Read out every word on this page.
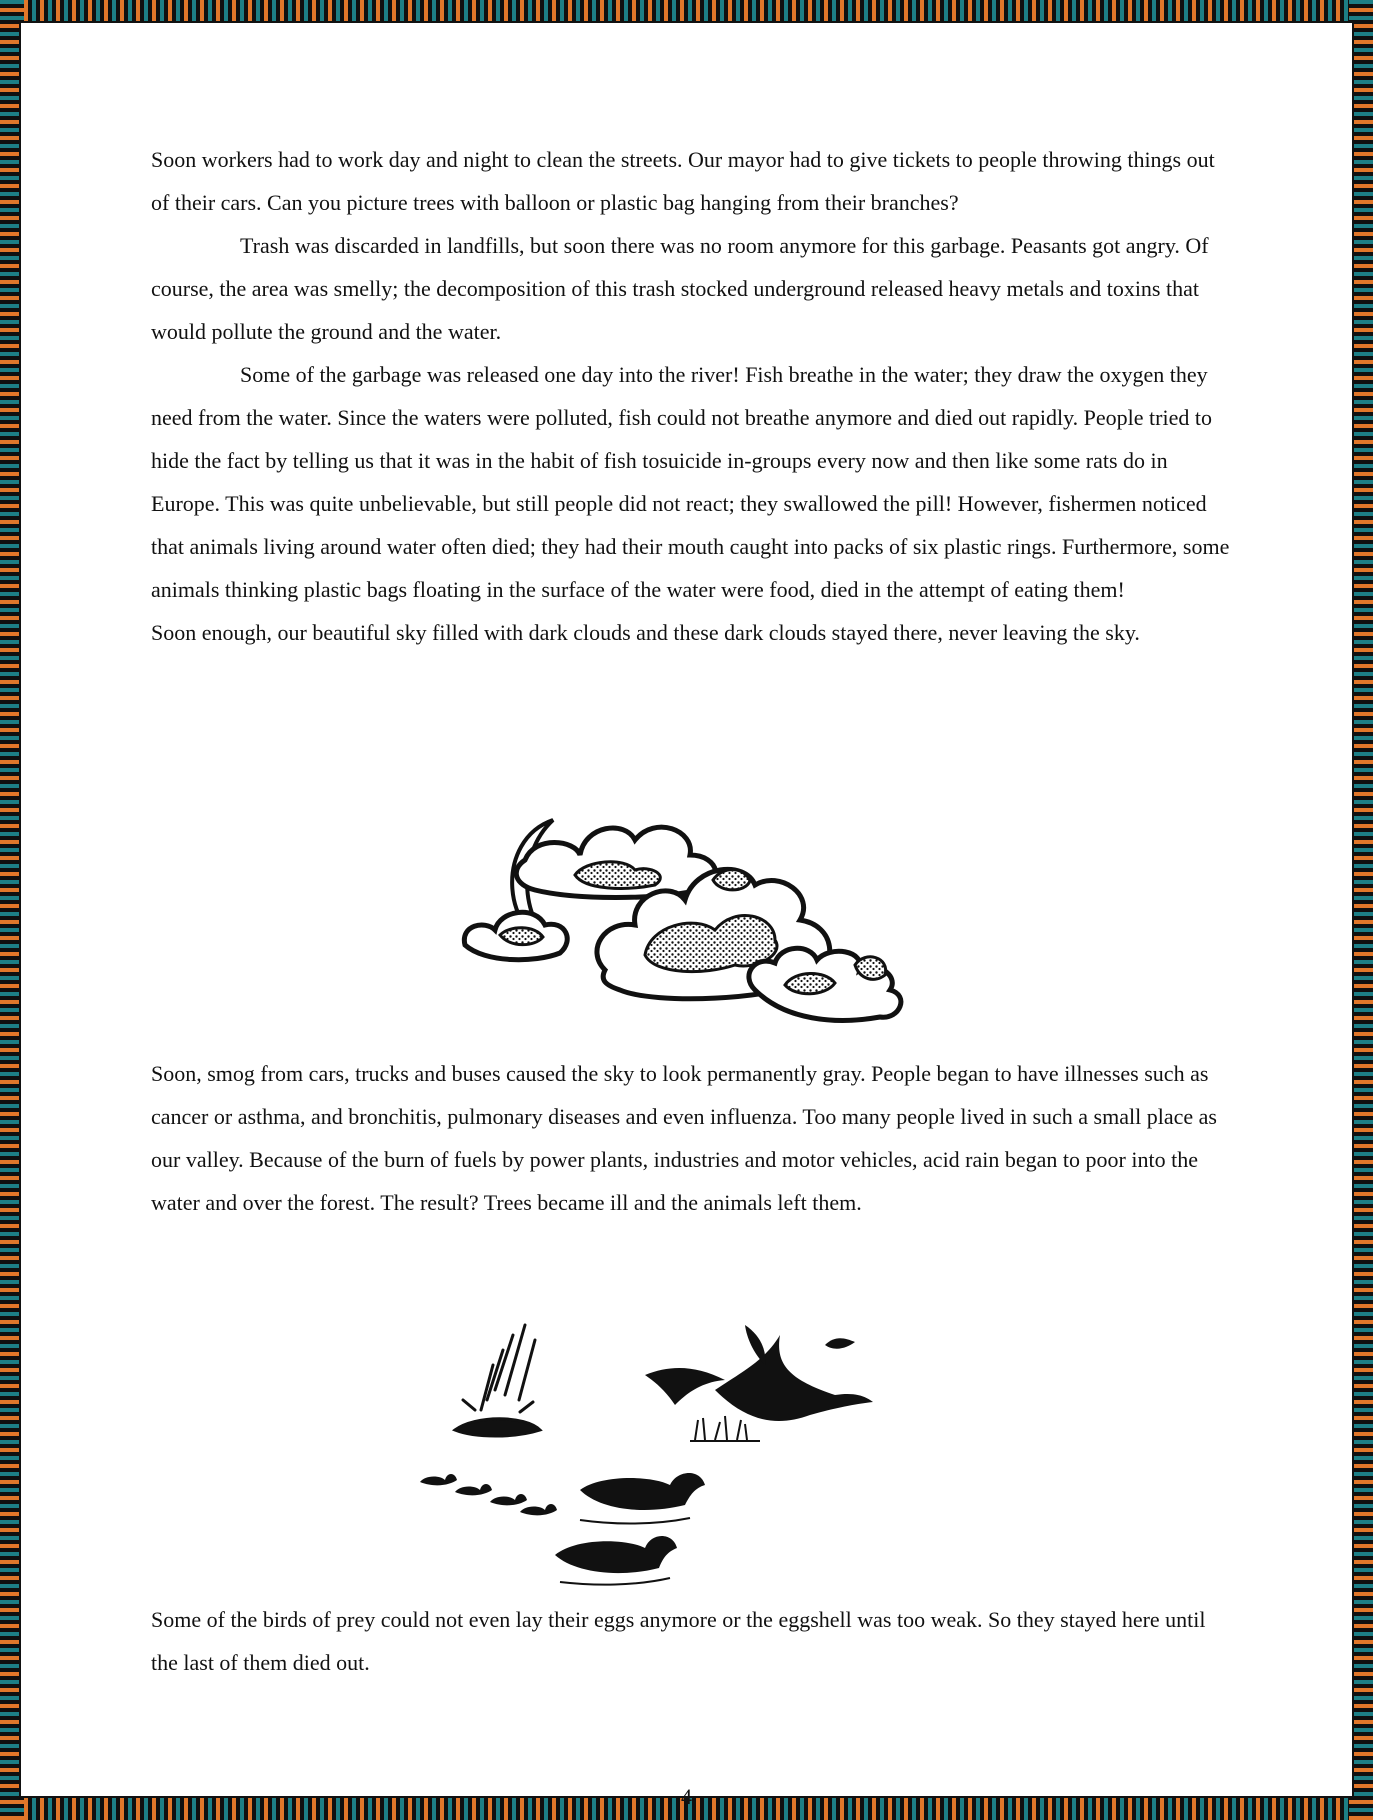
Soon workers had to work day and night to clean the streets. Our mayor had to give tickets to people throwing things out of their cars. Can you picture trees with balloon or plastic bag hanging from their branches?

Trash was discarded in landfills, but soon there was no room anymore for this garbage. Peasants got angry. Of course, the area was smelly; the decomposition of this trash stocked underground released heavy metals and toxins that would pollute the ground and the water.

Some of the garbage was released one day into the river! Fish breathe in the water; they draw the oxygen they need from the water. Since the waters were polluted, fish could not breathe anymore and died out rapidly. People tried to hide the fact by telling us that it was in the habit of fish tosuicide in-groups every now and then like some rats do in Europe. This was quite unbelievable, but still people did not react; they swallowed the pill! However, fishermen noticed that animals living around water often died; they had their mouth caught into packs of six plastic rings. Furthermore, some animals thinking plastic bags floating in the surface of the water were food, died in the attempt of eating them!

Soon enough, our beautiful sky filled with dark clouds and these dark clouds stayed there, never leaving the sky.

Soon, smog from cars, trucks and buses caused the sky to look permanently gray. People began to have illnesses such as cancer or asthma, and bronchitis, pulmonary diseases and even influenza. Too many people lived in such a small place as our valley. Because of the burn of fuels by power plants, industries and motor vehicles, acid rain began to poor into the water and over the forest. The result? Trees became ill and the animals left them.

Some of the birds of prey could not even lay their eggs anymore or the eggshell was too weak. So they stayed here until the last of them died out.

4
